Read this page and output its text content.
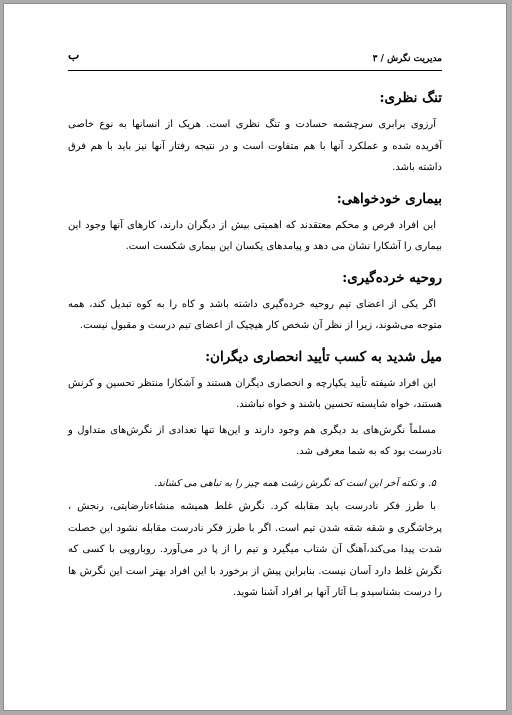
مدیریت نگرش / ۳
ب
تنگ نظری:

آرزوی برابری سرچشمه حسادت و تنگ نظری است. هریک از انسانها به نوع خاصی آفریده شده و عملکرد آنها با هم متفاوت است و در نتیجه رفتار آنها نیز باید با هم فرق داشته باشد.

بیماری خودخواهی:

این افراد فرص و محکم معتقدند که اهمیتی بیش از دیگران دارند، کارهای آنها وجود این بیماری را آشکارا نشان می دهد و پیامدهای یکسان این بیماری شکست است.

روحیه خرده‌گیری:

اگر یکی از اعضای تیم روحیه خرده‌گیری داشته باشد و کاه را به کوه تبدیل کند، همه متوجه می‌شوند، زیرا از نظر آن شخص کار هیچیک از اعضای تیم درست و مقبول نیست.

میل شدید به کسب تأیید انحصاری دیگران:

این افراد شیفته تأیید یکپارچه و انحصاری دیگران هستند و آشکارا منتظر تحسین و کرنش هستند، خواه شایسته تحسین باشند و خواه نباشند.

مسلماً نگرش‌های بد دیگری هم وجود دارند و این‌ها تنها تعدادی از نگرش‌های متداول و نادرست بود که به شما معرفی شد.

۵. و نکته آخر این است که نگرش زشت همه چیز را به تباهی می کشاند.

با طرز فکر نادرست باید مقابله کرد. نگرش غلط همیشه منشاءنارضایتی، رنجش ، پرخاشگری و شقه شقه شدن تیم است. اگر با طرز فکر نادرست مقابله نشود این خصلت شدت پیدا می‌کند،آهنگ آن شتاب میگیرد و تیم را از پا در می‌آورد. روبارویی با کسی که نگرش غلط دارد آسان نیست. بنابراین پیش از برخورد با این افراد بهتر است این نگرش ها را درست بشناسیدو بـا آثار آنها بر افراد آشنا شوید.
